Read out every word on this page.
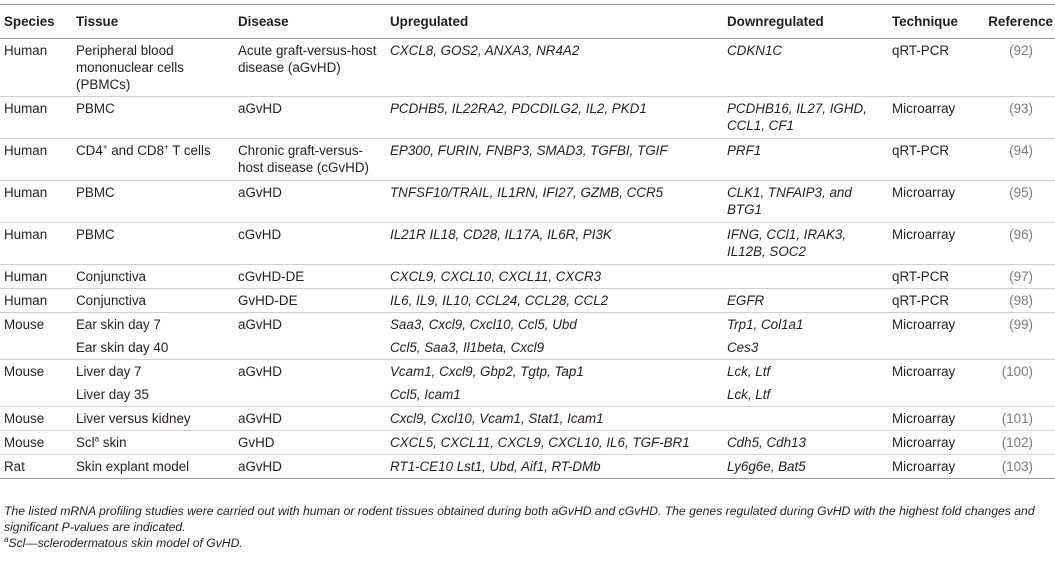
Species	Tissue	Disease	Upregulated	Downregulated	Technique	Reference
Human	Peripheral blood mononuclear cells (PBMCs)	Acute graft-versus-host disease (aGvHD)	CXCL8, GOS2, ANXA3, NR4A2	CDKN1C	qRT-PCR	(92)
Human	PBMC	aGvHD	PCDHB5, IL22RA2, PDCDILG2, IL2, PKD1	PCDHB16, IL27, IGHD, CCL1, CF1	Microarray	(93)
Human	CD4+ and CD8+ T cells	Chronic graft-versus-host disease (cGvHD)	EP300, FURIN, FNBP3, SMAD3, TGFBI, TGIF	PRF1	qRT-PCR	(94)
Human	PBMC	aGvHD	TNFSF10/TRAIL, IL1RN, IFI27, GZMB, CCR5	CLK1, TNFAIP3, and BTG1	Microarray	(95)
Human	PBMC	cGvHD	IL21R IL18, CD28, IL17A, IL6R, PI3K	IFNG, CCl1, IRAK3, IL12B, SOC2	Microarray	(96)
Human	Conjunctiva	cGvHD-DE	CXCL9, CXCL10, CXCL11, CXCR3		qRT-PCR	(97)
Human	Conjunctiva	GvHD-DE	IL6, IL9, IL10, CCL24, CCL28, CCL2	EGFR	qRT-PCR	(98)
Mouse	Ear skin day 7	aGvHD	Saa3, Cxcl9, Cxcl10, Ccl5, Ubd	Trp1, Col1a1	Microarray	(99)
	Ear skin day 40		Ccl5, Saa3, Il1beta, Cxcl9	Ces3		
Mouse	Liver day 7	aGvHD	Vcam1, Cxcl9, Gbp2, Tgtp, Tap1	Lck, Ltf	Microarray	(100)
	Liver day 35		Ccl5, Icam1	Lck, Ltf		
Mouse	Liver versus kidney	aGvHD	Cxcl9, Cxcl10, Vcam1, Stat1, Icam1		Microarray	(101)
Mouse	Scl$^a$ skin	GvHD	CXCL5, CXCL11, CXCL9, CXCL10, IL6, TGF-BR1	Cdh5, Cdh13	Microarray	(102)
Rat	Skin explant model	aGvHD	RT1-CE10 Lst1, Ubd, Aif1, RT-DMb	Ly6g6e, Bat5	Microarray	(103)

The listed mRNA profiling studies were carried out with human or rodent tissues obtained during both aGvHD and cGvHD. The genes regulated during GvHD with the highest fold changes and significant P-values are indicated.

$^a$Scl—sclerodermatous skin model of GvHD.
